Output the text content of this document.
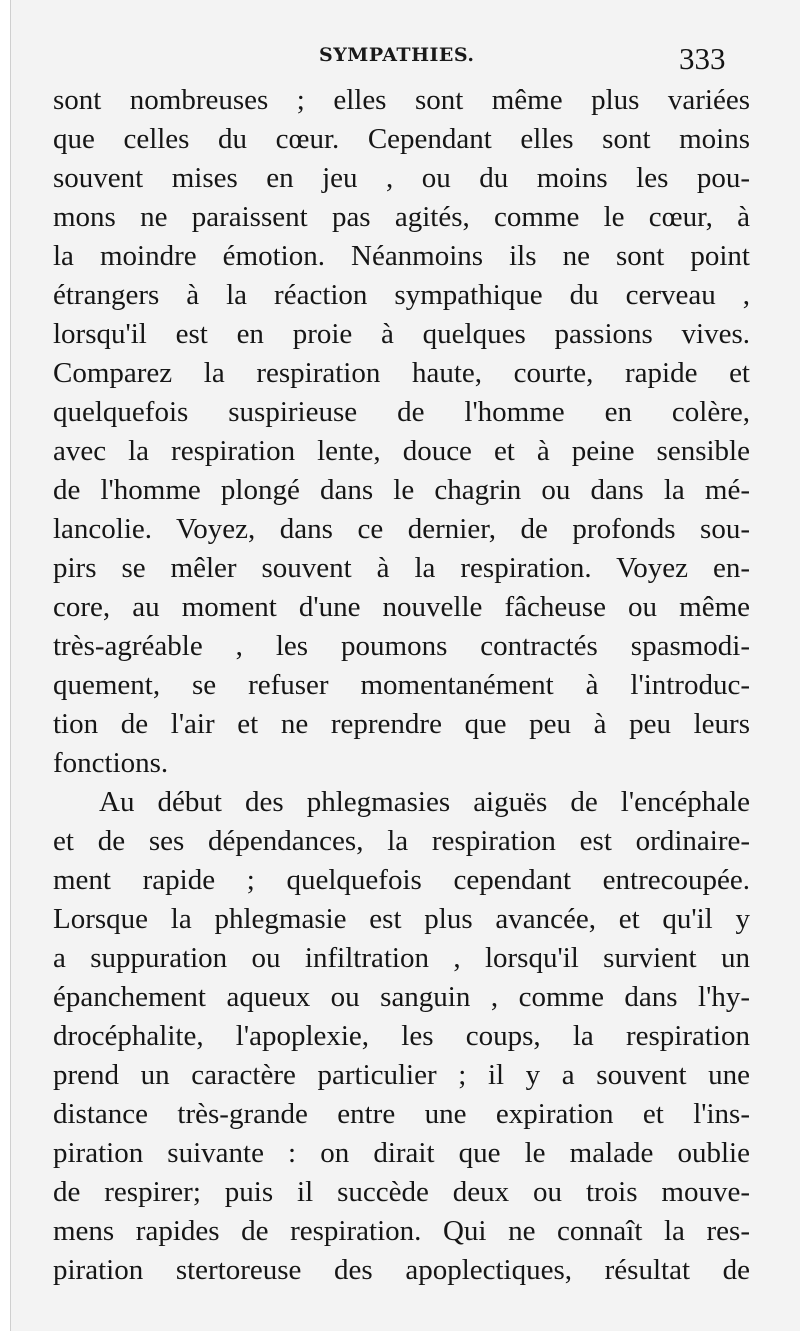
SYMPATHIES.	333
sont nombreuses ; elles sont même plus variées
que celles du cœur. Cependant elles sont moins
souvent mises en jeu , ou du moins les pou-
mons ne paraissent pas agités, comme le cœur, à
la moindre émotion. Néanmoins ils ne sont point
étrangers à la réaction sympathique du cerveau ,
lorsqu'il est en proie à quelques passions vives.
Comparez la respiration haute, courte, rapide et
quelquefois suspirieuse de l'homme en colère,
avec la respiration lente, douce et à peine sensible
de l'homme plongé dans le chagrin ou dans la mé-
lancolie. Voyez, dans ce dernier, de profonds sou-
pirs se mêler souvent à la respiration. Voyez en-
core, au moment d'une nouvelle fâcheuse ou même
très-agréable , les poumons contractés spasmodi-
quement, se refuser momentanément à l'introduc-
tion de l'air et ne reprendre que peu à peu leurs
fonctions.
Au début des phlegmasies aiguës de l'encéphale
et de ses dépendances, la respiration est ordinaire-
ment rapide ; quelquefois cependant entrecoupée.
Lorsque la phlegmasie est plus avancée, et qu'il y
a suppuration ou infiltration , lorsqu'il survient un
épanchement aqueux ou sanguin , comme dans l'hy-
drocéphalite, l'apoplexie, les coups, la respiration
prend un caractère particulier ; il y a souvent une
distance très-grande entre une expiration et l'ins-
piration suivante : on dirait que le malade oublie
de respirer; puis il succède deux ou trois mouve-
mens rapides de respiration. Qui ne connaît la res-
piration stertoreuse des apoplectiques, résultat de
